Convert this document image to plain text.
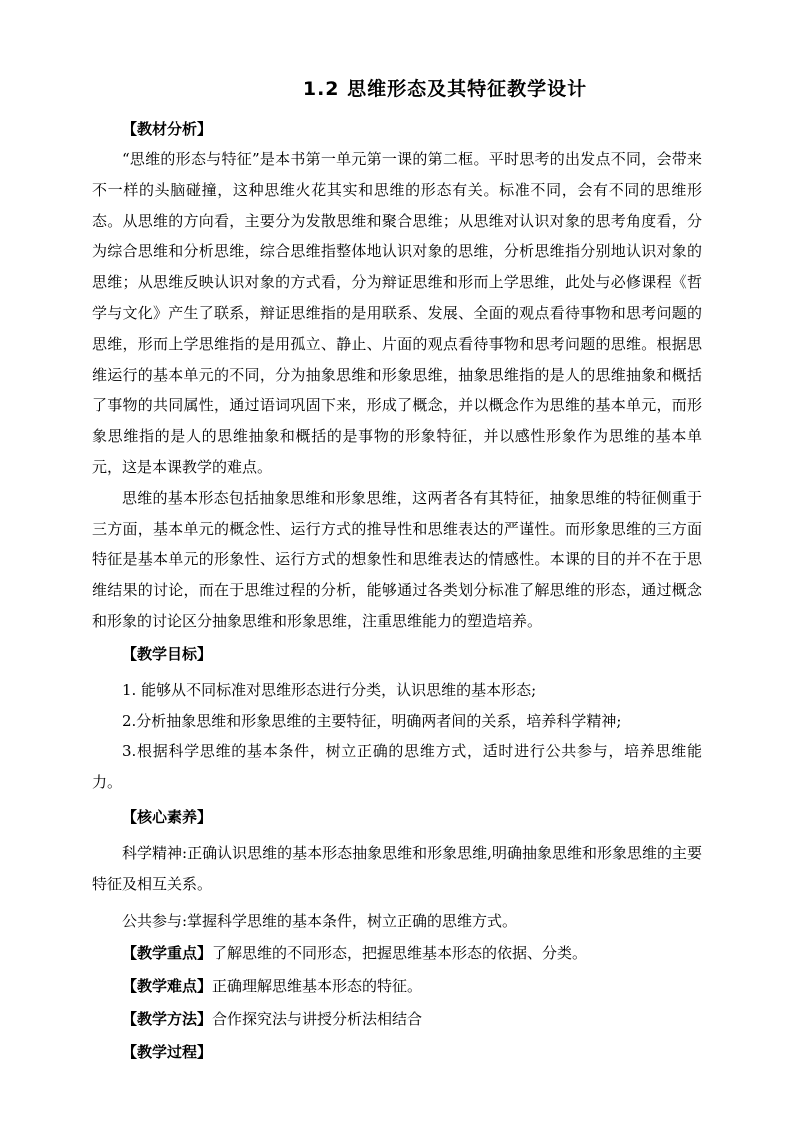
1.2 思维形态及其特征教学设计
【教材分析】

“思维的形态与特征”是本书第一单元第一课的第二框。平时思考的出发点不同，会带来不一样的头脑碰撞，这种思维火花其实和思维的形态有关。标准不同，会有不同的思维形态。从思维的方向看，主要分为发散思维和聚合思维；从思维对认识对象的思考角度看，分为综合思维和分析思维，综合思维指整体地认识对象的思维，分析思维指分别地认识对象的思维；从思维反映认识对象的方式看，分为辩证思维和形而上学思维，此处与必修课程《哲学与文化》产生了联系，辩证思维指的是用联系、发展、全面的观点看待事物和思考问题的思维，形而上学思维指的是用孤立、静止、片面的观点看待事物和思考问题的思维。根据思维运行的基本单元的不同，分为抽象思维和形象思维，抽象思维指的是人的思维抽象和概括了事物的共同属性，通过语词巩固下来，形成了概念，并以概念作为思维的基本单元，而形象思维指的是人的思维抽象和概括的是事物的形象特征，并以感性形象作为思维的基本单元，这是本课教学的难点。

思维的基本形态包括抽象思维和形象思维，这两者各有其特征，抽象思维的特征侧重于三方面，基本单元的概念性、运行方式的推导性和思维表达的严谨性。而形象思维的三方面特征是基本单元的形象性、运行方式的想象性和思维表达的情感性。本课的目的并不在于思维结果的讨论，而在于思维过程的分析，能够通过各类划分标准了解思维的形态，通过概念和形象的讨论区分抽象思维和形象思维，注重思维能力的塑造培养。

【教学目标】

1. 能够从不同标准对思维形态进行分类，认识思维的基本形态;

2.分析抽象思维和形象思维的主要特征，明确两者间的关系，培养科学精神;

3.根据科学思维的基本条件，树立正确的思维方式，适时进行公共参与，培养思维能力。

【核心素养】

科学精神:正确认识思维的基本形态抽象思维和形象思维,明确抽象思维和形象思维的主要特征及相互关系。

公共参与:掌握科学思维的基本条件，树立正确的思维方式。

【教学重点】了解思维的不同形态，把握思维基本形态的依据、分类。

【教学难点】正确理解思维基本形态的特征。

【教学方法】合作探究法与讲授分析法相结合

【教学过程】
